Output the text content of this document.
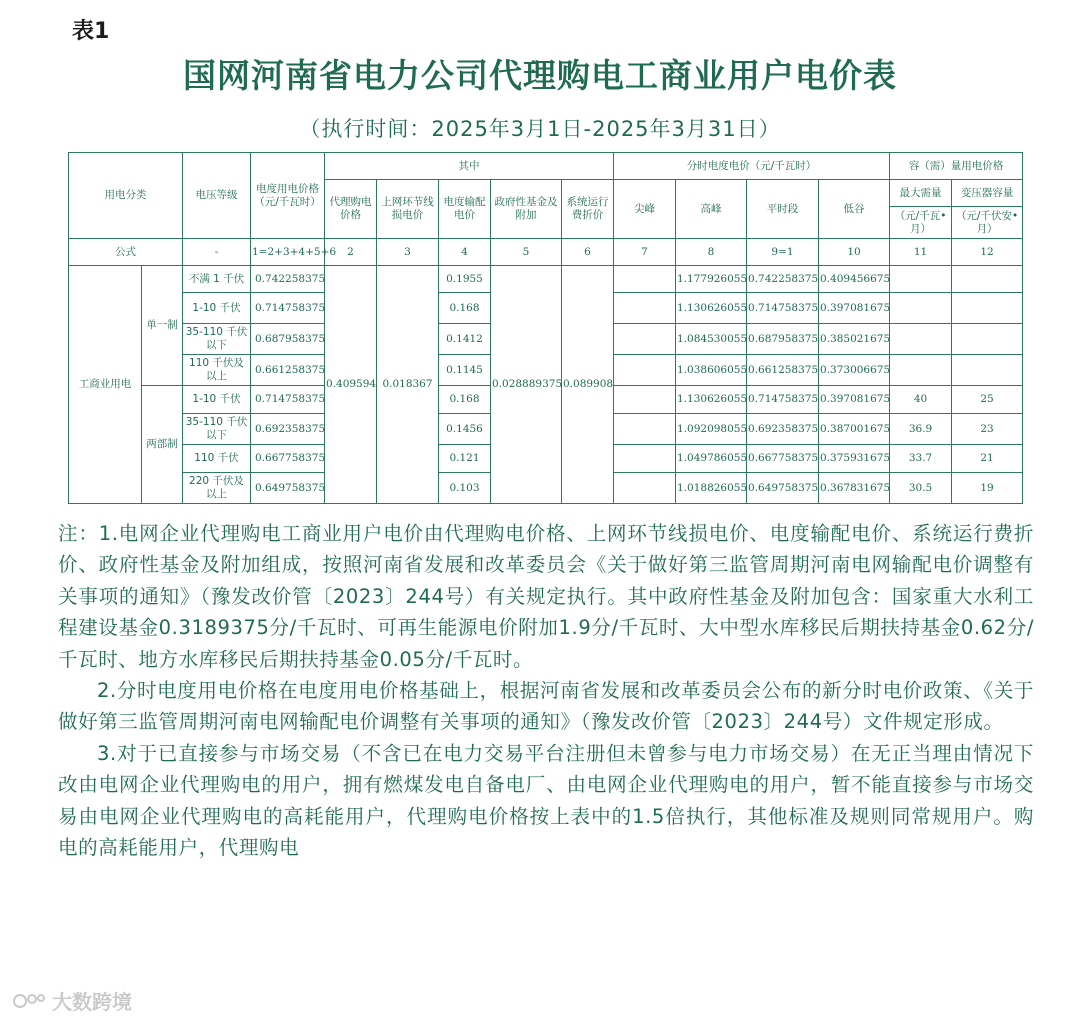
表1
国网河南省电力公司代理购电工商业用户电价表
（执行时间：2025年3月1日-2025年3月31日）
用电分类		电压等级	电度用电价格（元/千瓦时）	其中					分时电度电价（元/千瓦时）				容（需）量用电价格	
				代理购电价格	上网环节线损电价	电度输配电价	政府性基金及附加	系统运行费折价	尖峰	高峰	平时段	低谷	最大需量	变压器容量
													（元/千瓦•月）	（元/千伏安•月）
公式		-	1=2+3+4+5+6	2	3	4	5	6	7	8	9=1	10	11	12
工商业用电	单一制	不满 1 千伏	0.742258375	0.409594	0.018367	0.1955	0.028889375	0.089908		1.177926055	0.742258375	0.409456675		
		1-10 千伏	0.714758375			0.168				1.130626055	0.714758375	0.397081675		
		35-110 千伏以下	0.687958375			0.1412				1.084530055	0.687958375	0.385021675		
		110 千伏及以上	0.661258375			0.1145				1.038606055	0.661258375	0.373006675		
	两部制	1-10 千伏	0.714758375			0.168				1.130626055	0.714758375	0.397081675	40	25
		35-110 千伏以下	0.692358375			0.1456				1.092098055	0.692358375	0.387001675	36.9	23
		110 千伏	0.667758375			0.121				1.049786055	0.667758375	0.375931675	33.7	21
		220 千伏及以上	0.649758375			0.103				1.018826055	0.649758375	0.367831675	30.5	19

注：1.电网企业代理购电工商业用户电价由代理购电价格、上网环节线损电价、电度输配电价、系统运行费折价、政府性基金及附加组成，按照河南省发展和改革委员会《关于做好第三监管周期河南电网输配电价调整有关事项的通知》（豫发改价管〔2023〕244号）有关规定执行。其中政府性基金及附加包含：国家重大水利工程建设基金0.3189375分/千瓦时、可再生能源电价附加1.9分/千瓦时、大中型水库移民后期扶持基金0.62分/千瓦时、地方水库移民后期扶持基金0.05分/千瓦时。

2.分时电度用电价格在电度用电价格基础上，根据河南省发展和改革委员会公布的新分时电价政策、《关于做好第三监管周期河南电网输配电价调整有关事项的通知》（豫发改价管〔2023〕244号）文件规定形成。

3.对于已直接参与市场交易（不含已在电力交易平台注册但未曾参与电力市场交易）在无正当理由情况下改由电网企业代理购电的用户，拥有燃煤发电自备电厂、由电网企业代理购电的用户，暂不能直接参与市场交易由电网企业代理购电的高耗能用户，代理购电价格按上表中的1.5倍执行，其他标准及规则同常规用户。购电的高耗能用户，代理购电

大数跨境
